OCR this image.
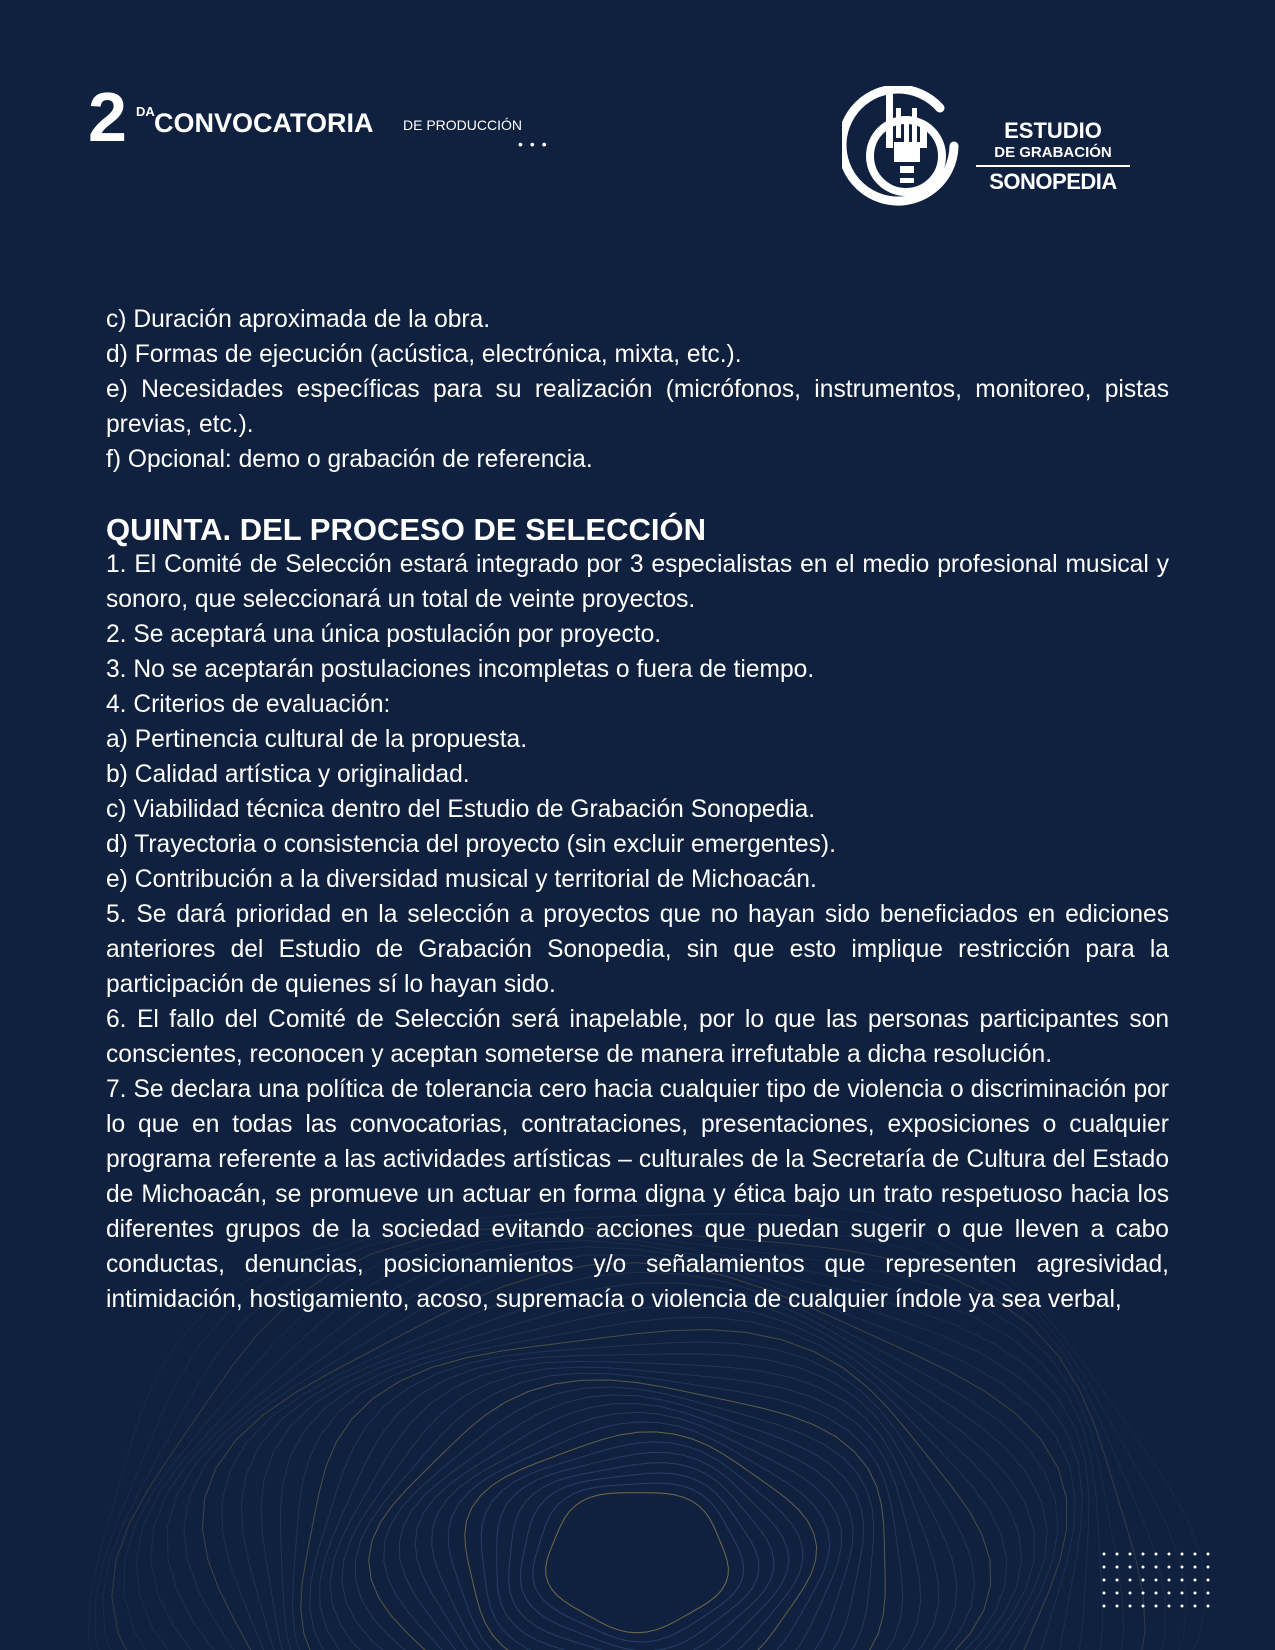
2 DA CONVOCATORIA DE PRODUCCIÓN
•••
ESTUDIO
DE GRABACIÓN
SONOPEDIA

c) Duración aproximada de la obra.

d) Formas de ejecución (acústica, electrónica, mixta, etc.).

e) Necesidades específicas para su realización (micrófonos, instrumentos, monitoreo, pistas previas, etc.).

f) Opcional: demo o grabación de referencia.

QUINTA. DEL PROCESO DE SELECCIÓN

1. El Comité de Selección estará integrado por 3 especialistas en el medio profesional musical y sonoro, que seleccionará un total de veinte proyectos.

2. Se aceptará una única postulación por proyecto.

3. No se aceptarán postulaciones incompletas o fuera de tiempo.

4. Criterios de evaluación:

a) Pertinencia cultural de la propuesta.

b) Calidad artística y originalidad.

c) Viabilidad técnica dentro del Estudio de Grabación Sonopedia.

d) Trayectoria o consistencia del proyecto (sin excluir emergentes).

e) Contribución a la diversidad musical y territorial de Michoacán.

5. Se dará prioridad en la selección a proyectos que no hayan sido beneficiados en ediciones anteriores del Estudio de Grabación Sonopedia, sin que esto implique restricción para la participación de quienes sí lo hayan sido.

6. El fallo del Comité de Selección será inapelable, por lo que las personas participantes son conscientes, reconocen y aceptan someterse de manera irrefutable a dicha resolución.

7. Se declara una política de tolerancia cero hacia cualquier tipo de violencia o discriminación por lo que en todas las convocatorias, contrataciones, presentaciones, exposiciones o cualquier programa referente a las actividades artísticas – culturales de la Secretaría de Cultura del Estado de Michoacán, se promueve un actuar en forma digna y ética bajo un trato respetuoso hacia los diferentes grupos de la sociedad evitando acciones que puedan sugerir o que lleven a cabo conductas, denuncias, posicionamientos y/o señalamientos que representen agresividad, intimidación, hostigamiento, acoso, supremacía o violencia de cualquier índole ya sea verbal,
